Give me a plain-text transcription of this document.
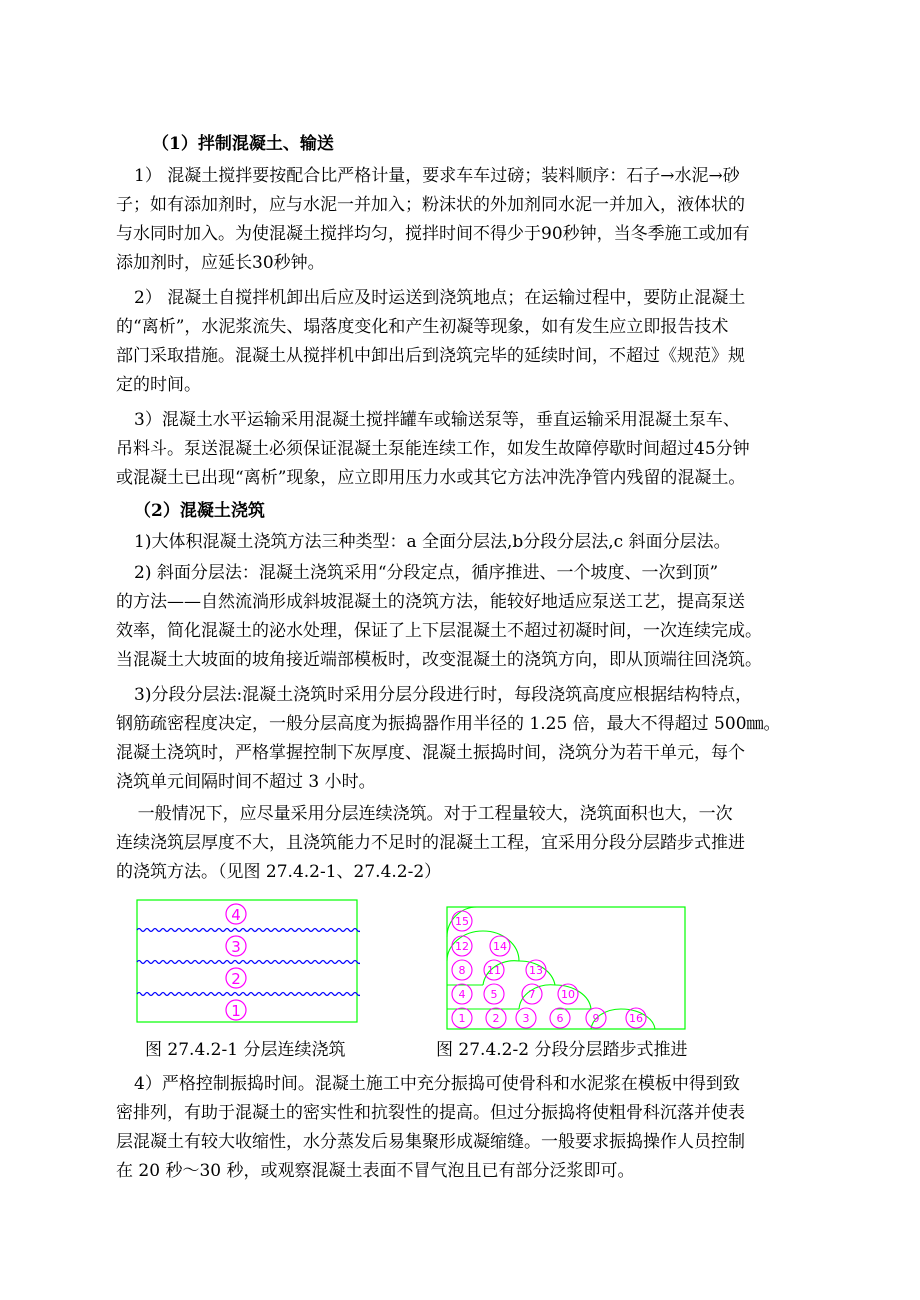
（1）拌制混凝土、输送
1） 混凝土搅拌要按配合比严格计量，要求车车过磅；装料顺序：石子→水泥→砂
子；如有添加剂时，应与水泥一并加入；粉沫状的外加剂同水泥一并加入，液体状的
与水同时加入。为使混凝土搅拌均匀，搅拌时间不得少于90秒钟，当冬季施工或加有
添加剂时，应延长30秒钟。
2） 混凝土自搅拌机卸出后应及时运送到浇筑地点；在运输过程中，要防止混凝土
的“离析”，水泥浆流失、塌落度变化和产生初凝等现象，如有发生应立即报告技术
部门采取措施。混凝土从搅拌机中卸出后到浇筑完毕的延续时间，不超过《规范》规
定的时间。
3）混凝土水平运输采用混凝土搅拌罐车或输送泵等，垂直运输采用混凝土泵车、
吊料斗。泵送混凝土必须保证混凝土泵能连续工作，如发生故障停歇时间超过45分钟
或混凝土已出现“离析”现象，应立即用压力水或其它方法冲洗净管内残留的混凝土。
（2）混凝土浇筑
1)大体积混凝土浇筑方法三种类型：a 全面分层法,b分段分层法,c 斜面分层法。
2) 斜面分层法：混凝土浇筑采用“分段定点，循序推进、一个坡度、一次到顶”
的方法——自然流淌形成斜坡混凝土的浇筑方法，能较好地适应泵送工艺，提高泵送
效率，简化混凝土的泌水处理，保证了上下层混凝土不超过初凝时间，一次连续完成。
当混凝土大坡面的坡角接近端部模板时，改变混凝土的浇筑方向，即从顶端往回浇筑。
3)分段分层法:混凝土浇筑时采用分层分段进行时，每段浇筑高度应根据结构特点，
钢筋疏密程度决定，一般分层高度为振捣器作用半径的 1.25 倍，最大不得超过 500㎜。
混凝土浇筑时，严格掌握控制下灰厚度、混凝土振捣时间，浇筑分为若干单元，每个
浇筑单元间隔时间不超过 3 小时。
一般情况下，应尽量采用分层连续浇筑。对于工程量较大，浇筑面积也大，一次
连续浇筑层厚度不大，且浇筑能力不足时的混凝土工程，宜采用分段分层踏步式推进
的浇筑方法。（见图 27.4.2-1、27.4.2-2）
4
3
2
1
15
12 14
8 11	13
4 5	7 10
1 2 3 6	9	16
图 27.4.2-1 分层连续浇筑	图 27.4.2-2 分段分层踏步式推进
4）严格控制振捣时间。混凝土施工中充分振捣可使骨科和水泥浆在模板中得到致
密排列，有助于混凝土的密实性和抗裂性的提高。但过分振捣将使粗骨科沉落并使表
层混凝土有较大收缩性，水分蒸发后易集聚形成凝缩缝。一般要求振捣操作人员控制
在 20 秒～30 秒，或观察混凝土表面不冒气泡且已有部分泛浆即可。
